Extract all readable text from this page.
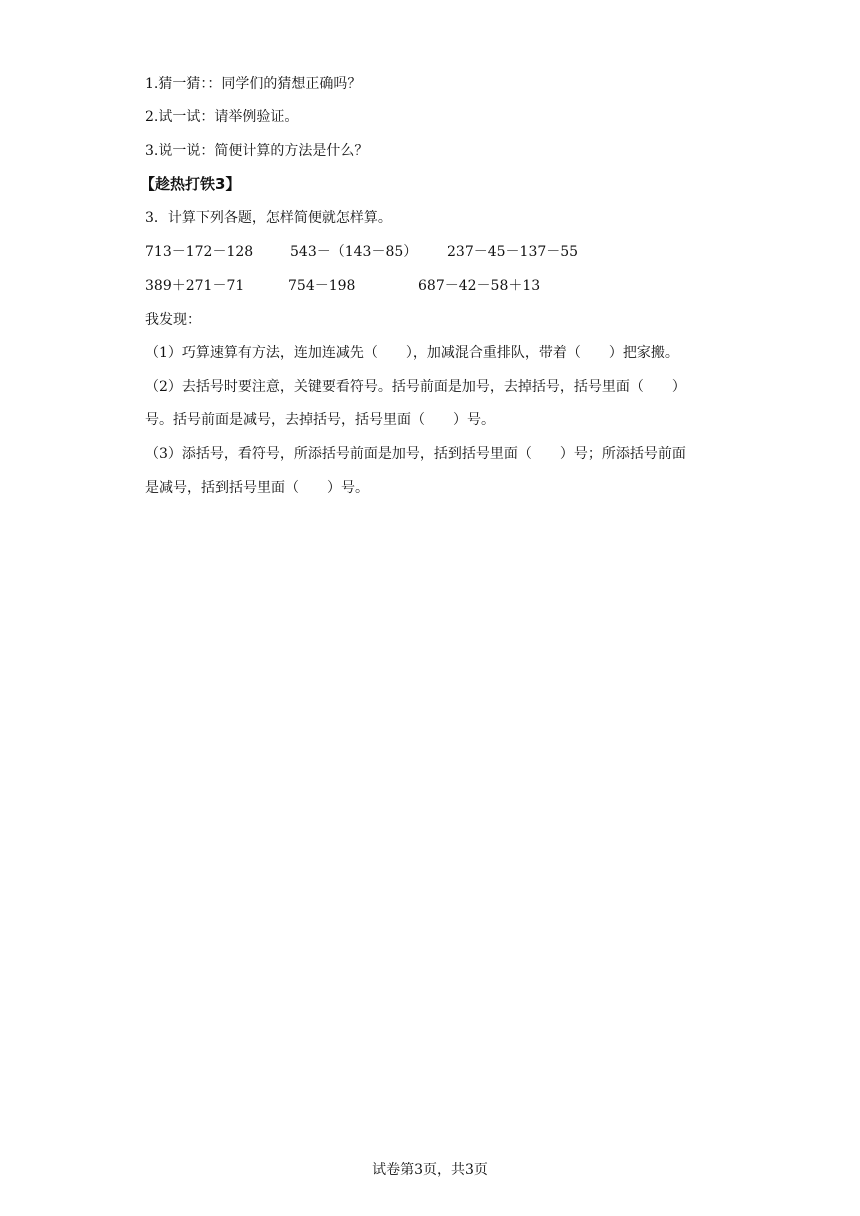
1.猜一猜：：同学们的猜想正确吗？
2.试一试：请举例验证。
3.说一说：简便计算的方法是什么？
【趁热打铁3】
3．计算下列各题，怎样简便就怎样算。
713－172－128	543－（143－85） 237－45－137－55
389＋271－71	754－198	687－42－58＋13
我发现：
（1）巧算速算有方法，连加连减先（　　），加减混合重排队，带着（　　）把家搬。
（2）去括号时要注意，关键要看符号。括号前面是加号，去掉括号，括号里面（　　）
号。括号前面是减号，去掉括号，括号里面（　　）号。
（3）添括号，看符号，所添括号前面是加号，括到括号里面（　　）号；所添括号前面
是减号，括到括号里面（　　）号。
试卷第3页，共3页
